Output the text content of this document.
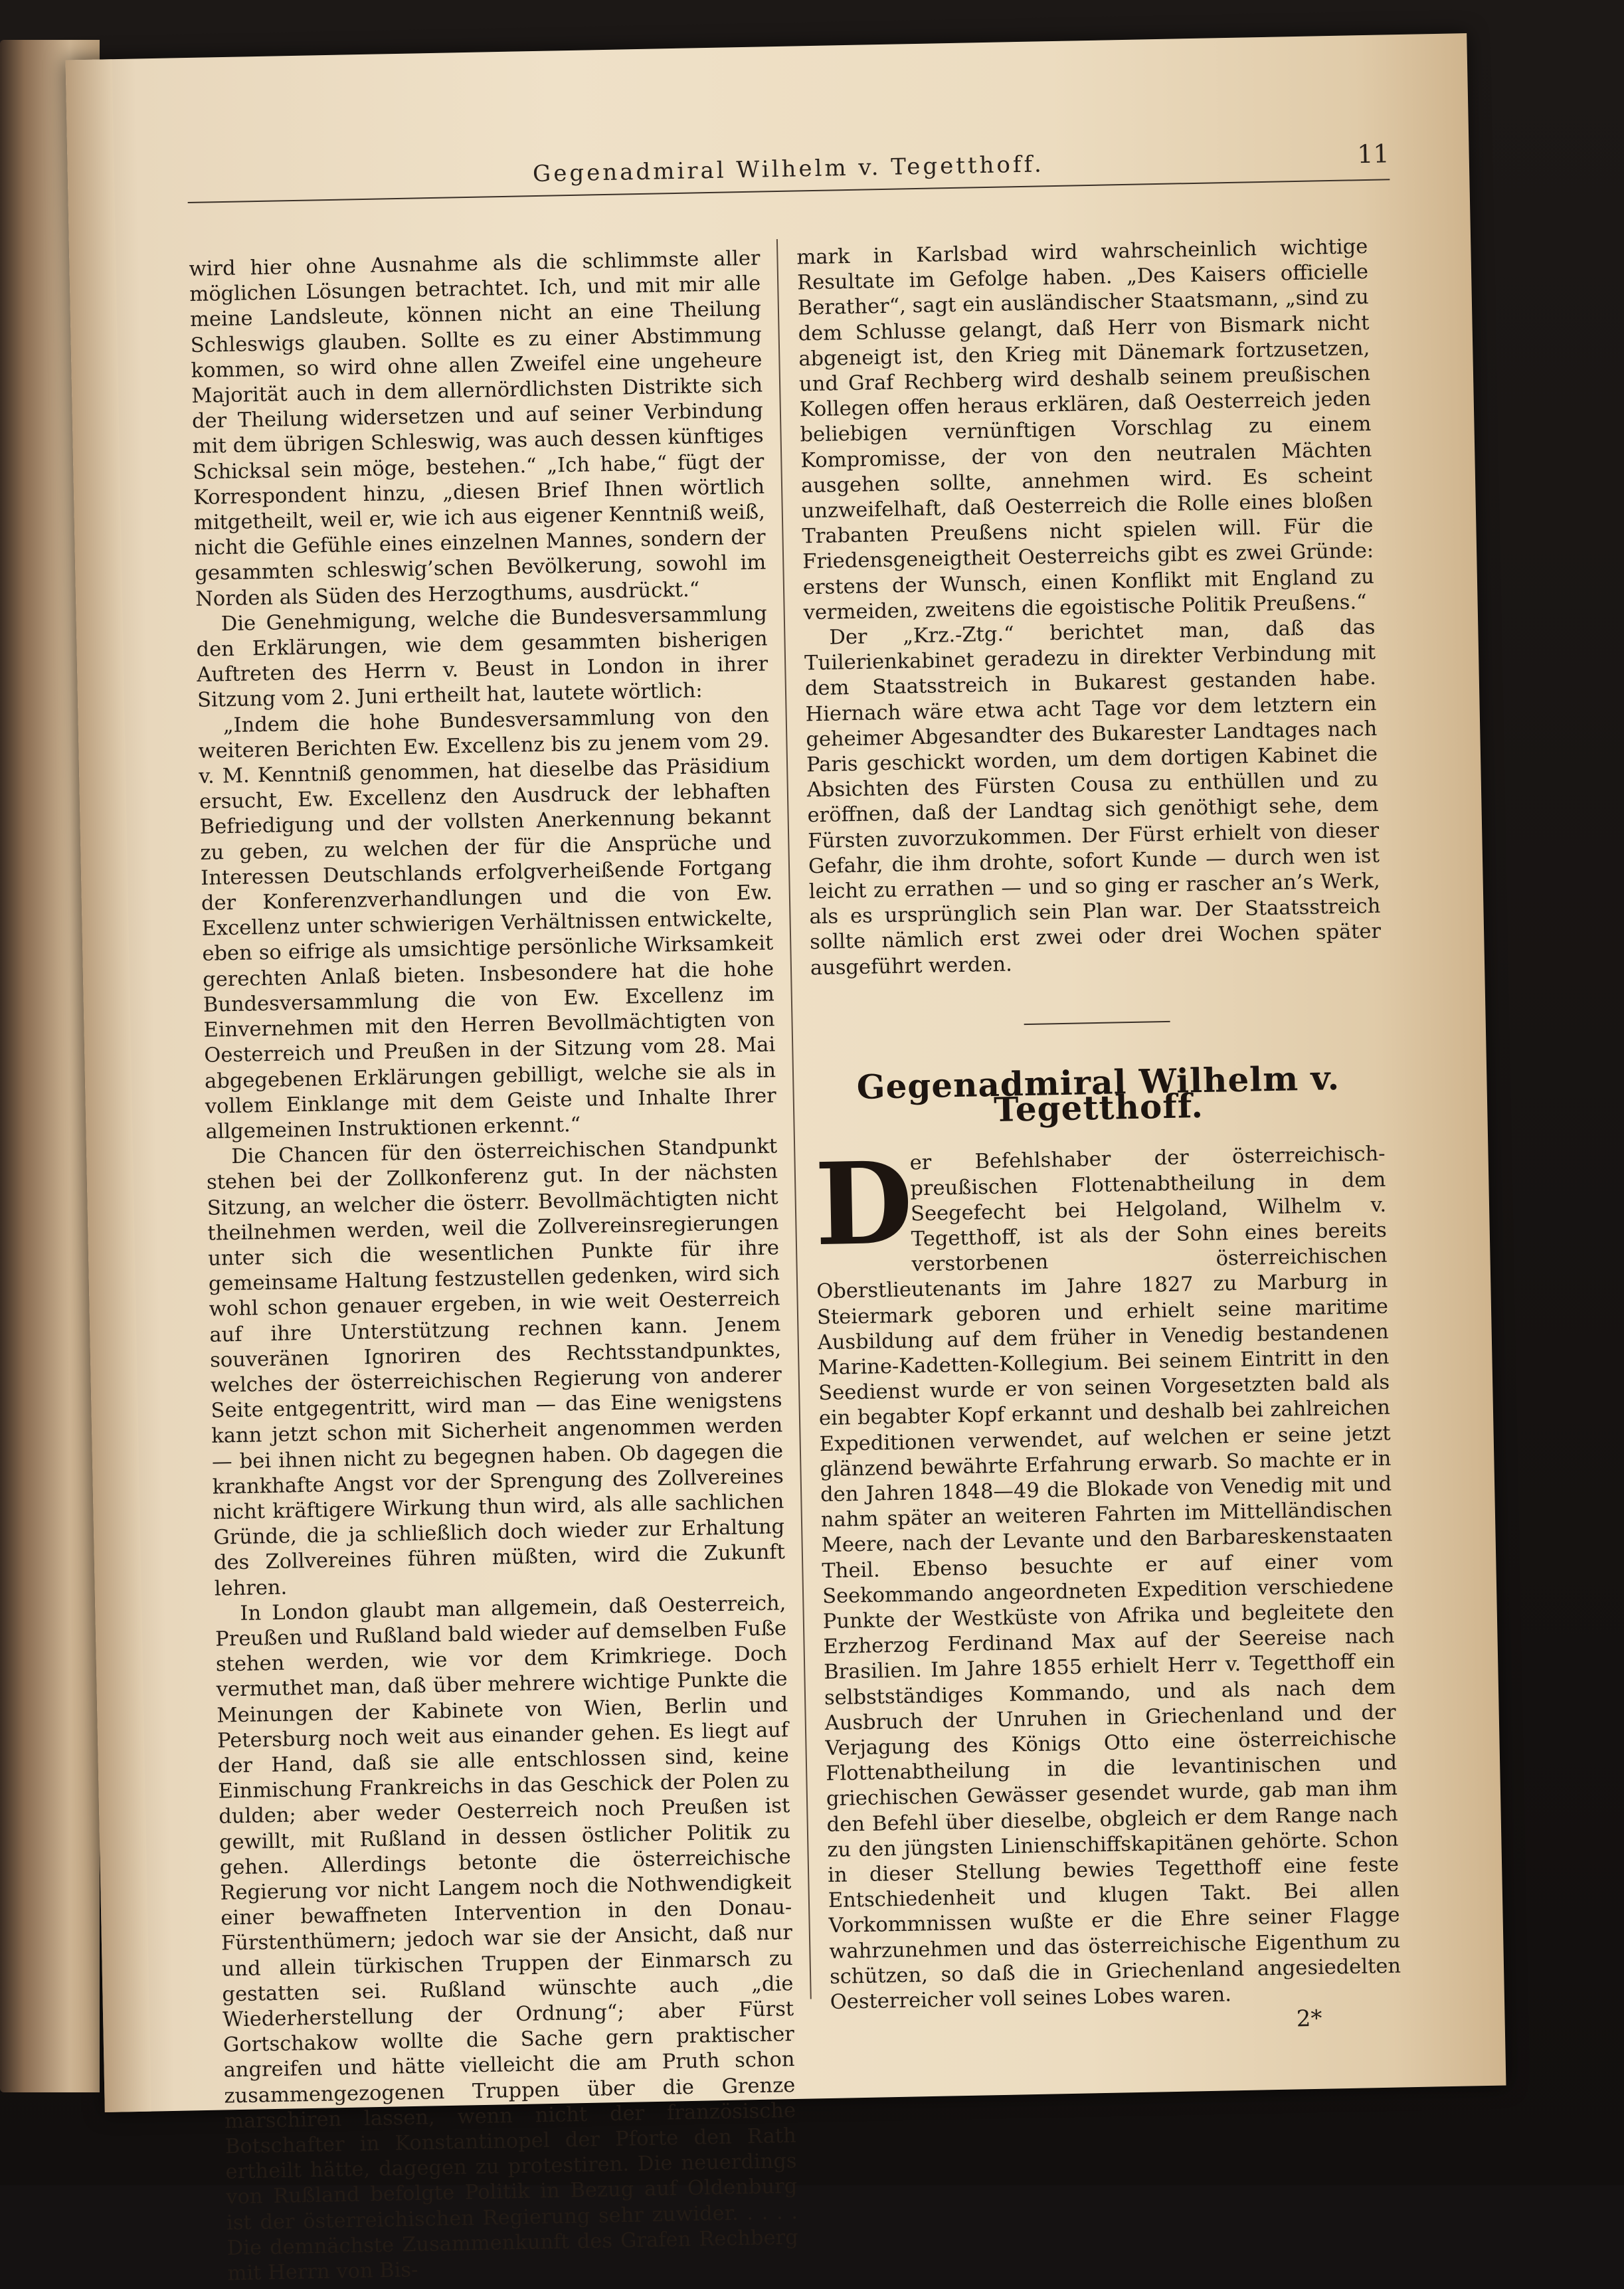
Gegenadmiral Wilhelm v. Tegetthoff.	11

wird hier ohne Ausnahme als die schlimmste aller möglichen Lösungen betrachtet. Ich, und mit mir alle meine Landsleute, können nicht an eine Theilung Schleswigs glauben. Sollte es zu einer Abstimmung kommen, so wird ohne allen Zweifel eine ungeheure Majorität auch in dem allernördlichsten Distrikte sich der Theilung widersetzen und auf seiner Verbindung mit dem übrigen Schleswig, was auch dessen künftiges Schicksal sein möge, bestehen.“ „Ich habe,“ fügt der Korrespondent hinzu, „diesen Brief Ihnen wörtlich mitgetheilt, weil er, wie ich aus eigener Kenntniß weiß, nicht die Gefühle eines einzelnen Mannes, sondern der gesammten schleswig’schen Bevölkerung, sowohl im Norden als Süden des Herzogthums, ausdrückt.“

Die Genehmigung, welche die Bundesversammlung den Erklärungen, wie dem gesammten bisherigen Auftreten des Herrn v. Beust in London in ihrer Sitzung vom 2. Juni ertheilt hat, lautete wörtlich:

„Indem die hohe Bundesversammlung von den weiteren Berichten Ew. Excellenz bis zu jenem vom 29. v. M. Kenntniß genommen, hat dieselbe das Präsidium ersucht, Ew. Excellenz den Ausdruck der lebhaften Befriedigung und der vollsten Anerkennung bekannt zu geben, zu welchen der für die Ansprüche und Interessen Deutschlands erfolgverheißende Fortgang der Konferenzverhandlungen und die von Ew. Excellenz unter schwierigen Verhältnissen entwickelte, eben so eifrige als umsichtige persönliche Wirksamkeit gerechten Anlaß bieten. Insbesondere hat die hohe Bundesversammlung die von Ew. Excellenz im Einvernehmen mit den Herren Bevollmächtigten von Oesterreich und Preußen in der Sitzung vom 28. Mai abgegebenen Erklärungen gebilligt, welche sie als in vollem Einklange mit dem Geiste und Inhalte Ihrer allgemeinen Instruktionen erkennt.“

Die Chancen für den österreichischen Standpunkt stehen bei der Zollkonferenz gut. In der nächsten Sitzung, an welcher die österr. Bevollmächtigten nicht theilnehmen werden, weil die Zollvereinsregierungen unter sich die wesentlichen Punkte für ihre gemeinsame Haltung festzustellen gedenken, wird sich wohl schon genauer ergeben, in wie weit Oesterreich auf ihre Unterstützung rechnen kann. Jenem souveränen Ignoriren des Rechtsstandpunktes, welches der österreichischen Regierung von anderer Seite entgegentritt, wird man — das Eine wenigstens kann jetzt schon mit Sicherheit angenommen werden — bei ihnen nicht zu begegnen haben. Ob dagegen die krankhafte Angst vor der Sprengung des Zollvereines nicht kräftigere Wirkung thun wird, als alle sachlichen Gründe, die ja schließlich doch wieder zur Erhaltung des Zollvereines führen müßten, wird die Zukunft lehren.

In London glaubt man allgemein, daß Oesterreich, Preußen und Rußland bald wieder auf demselben Fuße stehen werden, wie vor dem Krimkriege. Doch vermuthet man, daß über mehrere wichtige Punkte die Meinungen der Kabinete von Wien, Berlin und Petersburg noch weit aus einander gehen. Es liegt auf der Hand, daß sie alle entschlossen sind, keine Einmischung Frankreichs in das Geschick der Polen zu dulden; aber weder Oesterreich noch Preußen ist gewillt, mit Rußland in dessen östlicher Politik zu gehen. Allerdings betonte die österreichische Regierung vor nicht Langem noch die Nothwendigkeit einer bewaffneten Intervention in den Donau-Fürstenthümern; jedoch war sie der Ansicht, daß nur und allein türkischen Truppen der Einmarsch zu gestatten sei. Rußland wünschte auch „die Wiederherstellung der Ordnung“; aber Fürst Gortschakow wollte die Sache gern praktischer angreifen und hätte vielleicht die am Pruth schon zusammengezogenen Truppen über die Grenze marschiren lassen, wenn nicht der französische Botschafter in Konstantinopel der Pforte den Rath ertheilt hätte, dagegen zu protestiren. Die neuerdings von Rußland befolgte Politik in Bezug auf Oldenburg ist der österreichischen Regierung sehr zuwider. . . . . Die demnächste Zusammenkunft des Grafen Rechberg mit Herrn von Bis-

mark in Karlsbad wird wahrscheinlich wichtige Resultate im Gefolge haben. „Des Kaisers officielle Berather“, sagt ein ausländischer Staatsmann, „sind zu dem Schlusse gelangt, daß Herr von Bismark nicht abgeneigt ist, den Krieg mit Dänemark fortzusetzen, und Graf Rechberg wird deshalb seinem preußischen Kollegen offen heraus erklären, daß Oesterreich jeden beliebigen vernünftigen Vorschlag zu einem Kompromisse, der von den neutralen Mächten ausgehen sollte, annehmen wird. Es scheint unzweifelhaft, daß Oesterreich die Rolle eines bloßen Trabanten Preußens nicht spielen will. Für die Friedensgeneigtheit Oesterreichs gibt es zwei Gründe: erstens der Wunsch, einen Konflikt mit England zu vermeiden, zweitens die egoistische Politik Preußens.“

Der „Krz.-Ztg.“ berichtet man, daß das Tuilerienkabinet geradezu in direkter Verbindung mit dem Staatsstreich in Bukarest gestanden habe. Hiernach wäre etwa acht Tage vor dem letztern ein geheimer Abgesandter des Bukarester Landtages nach Paris geschickt worden, um dem dortigen Kabinet die Absichten des Fürsten Cousa zu enthüllen und zu eröffnen, daß der Landtag sich genöthigt sehe, dem Fürsten zuvorzukommen. Der Fürst erhielt von dieser Gefahr, die ihm drohte, sofort Kunde — durch wen ist leicht zu errathen — und so ging er rascher an’s Werk, als es ursprünglich sein Plan war. Der Staatsstreich sollte nämlich erst zwei oder drei Wochen später ausgeführt werden.

Gegenadmiral Wilhelm v. Tegetthoff.

D
er Befehlshaber der österreichisch-preußischen Flottenabtheilung in dem Seegefecht bei Helgoland, Wilhelm v. Tegetthoff, ist als der Sohn eines bereits verstorbenen österreichischen Oberstlieutenants im Jahre 1827 zu Marburg in Steiermark geboren und erhielt seine maritime Ausbildung auf dem früher in Venedig bestandenen Marine-Kadetten-Kollegium. Bei seinem Eintritt in den Seedienst wurde er von seinen Vorgesetzten bald als ein begabter Kopf erkannt und deshalb bei zahlreichen Expeditionen verwendet, auf welchen er seine jetzt glänzend bewährte Erfahrung erwarb. So machte er in den Jahren 1848—49 die Blokade von Venedig mit und nahm später an weiteren Fahrten im Mittelländischen Meere, nach der Levante und den Barbareskenstaaten Theil. Ebenso besuchte er auf einer vom Seekommando angeordneten Expedition verschiedene Punkte der Westküste von Afrika und begleitete den Erzherzog Ferdinand Max auf der Seereise nach Brasilien. Im Jahre 1855 erhielt Herr v. Tegetthoff ein selbstständiges Kommando, und als nach dem Ausbruch der Unruhen in Griechenland und der Verjagung des Königs Otto eine österreichische Flottenabtheilung in die levantinischen und griechischen Gewässer gesendet wurde, gab man ihm den Befehl über dieselbe, obgleich er dem Range nach zu den jüngsten Linienschiffskapitänen gehörte. Schon in dieser Stellung bewies Tegetthoff eine feste Entschiedenheit und klugen Takt. Bei allen Vorkommnissen wußte er die Ehre seiner Flagge wahrzunehmen und das österreichische Eigenthum zu schützen, so daß die in Griechenland angesiedelten Oesterreicher voll seines Lobes waren.

2*
